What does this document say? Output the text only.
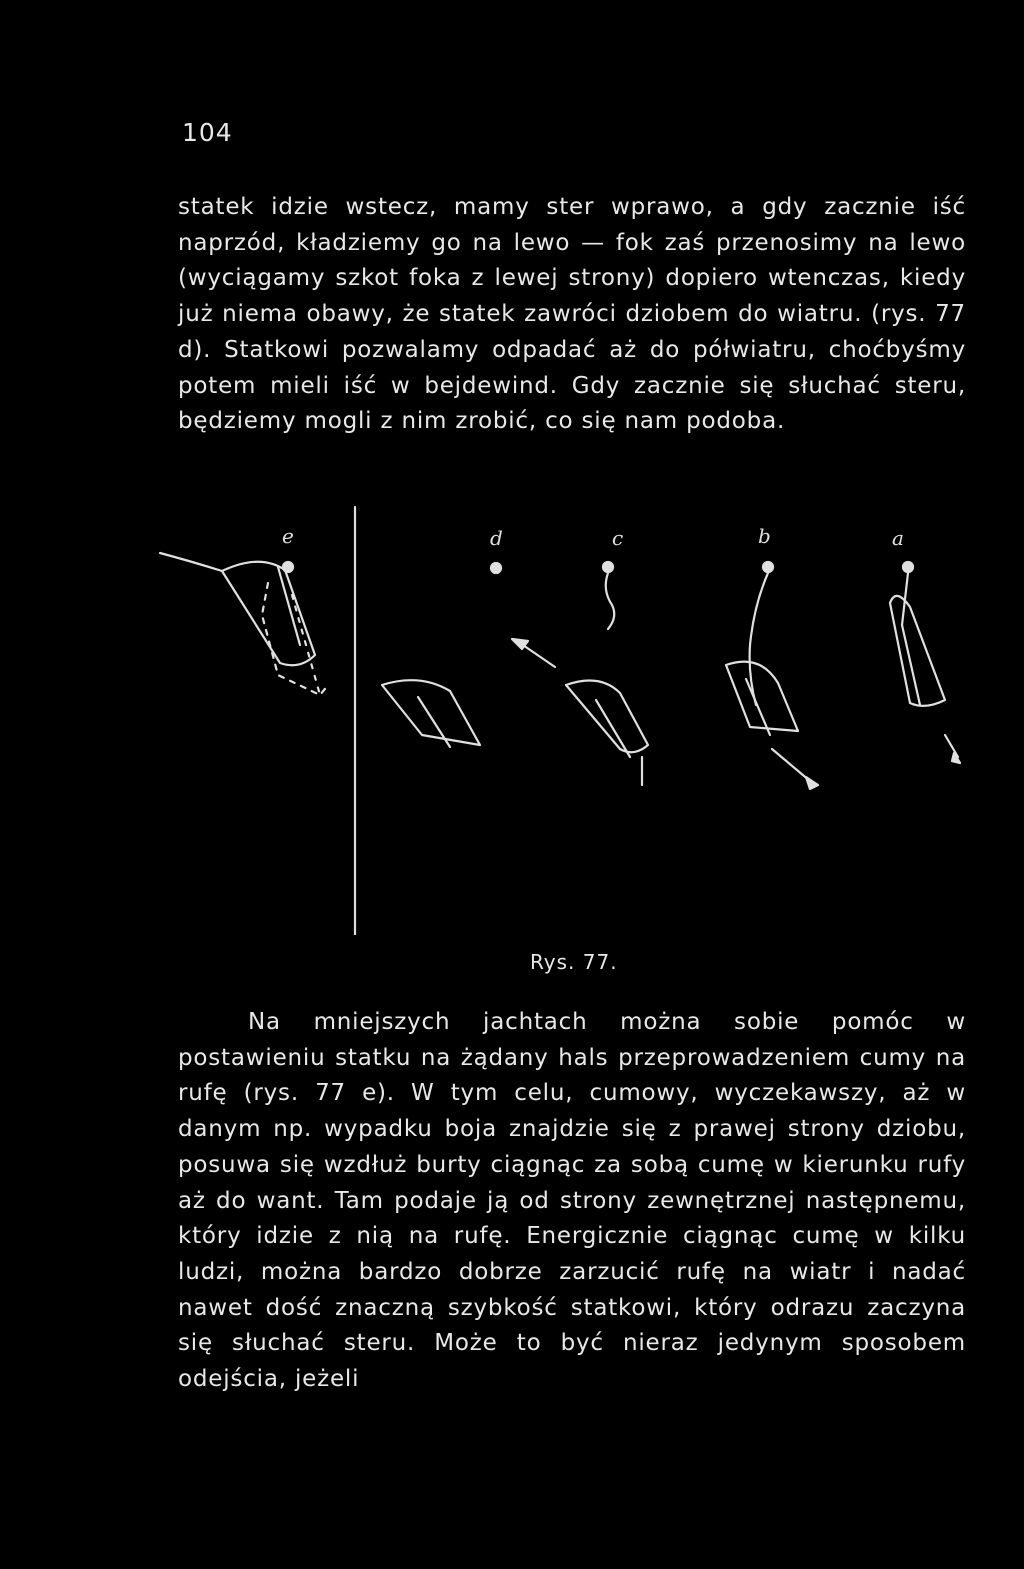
104

statek idzie wstecz, mamy ster wprawo, a gdy zacznie iść naprzód, kładziemy go na lewo — fok zaś przenosimy na lewo (wyciągamy szkot foka z lewej strony) dopiero wtenczas, kiedy już niema obawy, że statek zawróci dziobem do wiatru. (rys. 77 d). Statkowi pozwalamy odpadać aż do półwiatru, choćbyśmy potem mieli iść w bejdewind. Gdy zacznie się słuchać steru, będziemy mogli z nim zrobić, co się nam podoba.

e	d	c	b	a
Rys. 77.

Na mniejszych jachtach można sobie pomóc w postawieniu statku na żądany hals przeprowadzeniem cumy na rufę (rys. 77 e). W tym celu, cumowy, wyczekawszy, aż w danym np. wypadku boja znajdzie się z prawej strony dziobu, posuwa się wzdłuż burty ciągnąc za sobą cumę w kierunku rufy aż do want. Tam podaje ją od strony zewnętrznej następnemu, który idzie z nią na rufę. Energicznie ciągnąc cumę w kilku ludzi, można bardzo dobrze zarzucić rufę na wiatr i nadać nawet dość znaczną szybkość statkowi, który odrazu zaczyna się słuchać steru. Może to być nieraz jedynym sposobem odejścia, jeżeli
